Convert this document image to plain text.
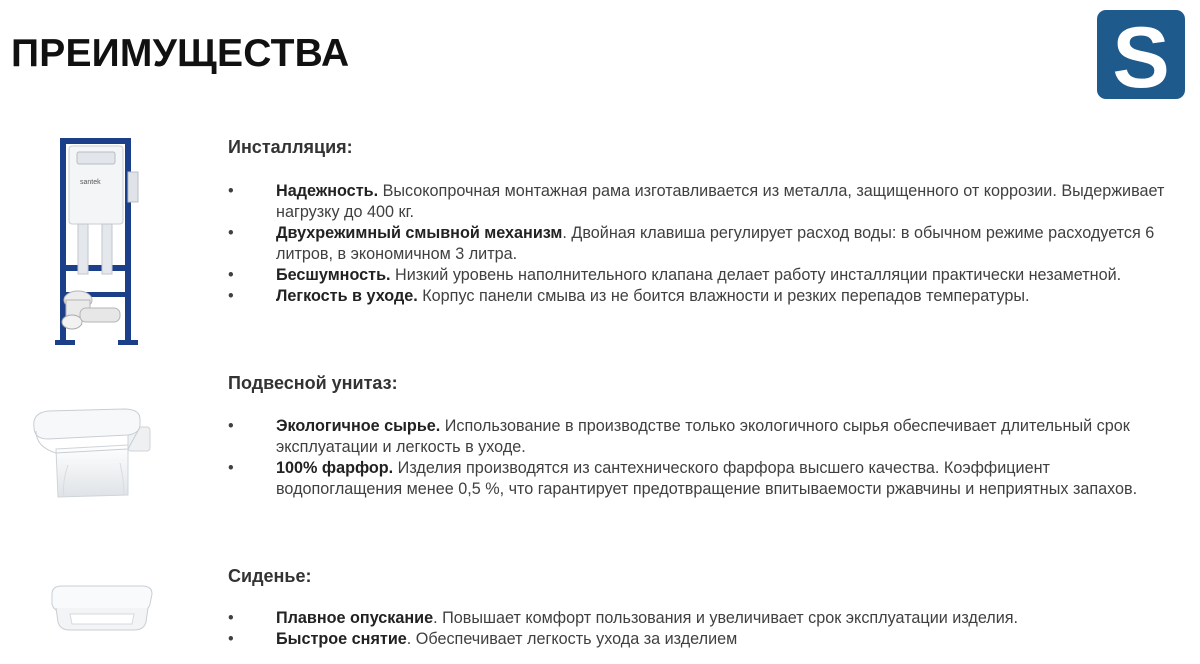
ПРЕИМУЩЕСТВА	S
santek
Инсталляция:
•	Надежность. Высокопрочная монтажная рама изготавливается из металла, защищенного от коррозии. Выдерживает нагрузку до 400 кг.
•	Двухрежимный смывной механизм. Двойная клавиша регулирует расход воды: в обычном режиме расходуется 6 литров, в экономичном 3 литра.
•	Бесшумность. Низкий уровень наполнительного клапана делает работу инсталляции практически незаметной.
•	Легкость в уходе. Корпус панели смыва из не боится влажности и резких перепадов температуры.
Подвесной унитаз:
•	Экологичное сырье. Использование в производстве только экологичного сырья обеспечивает длительный срок эксплуатации и легкость в уходе.
•	100% фарфор. Изделия производятся из сантехнического фарфора высшего качества. Коэффициент водопоглащения менее 0,5 %, что гарантирует предотвращение впитываемости ржавчины и неприятных запахов.
Сиденье:
•	Плавное опускание. Повышает комфорт пользования и увеличивает срок эксплуатации изделия.
•	Быстрое снятие. Обеспечивает легкость ухода за изделием
